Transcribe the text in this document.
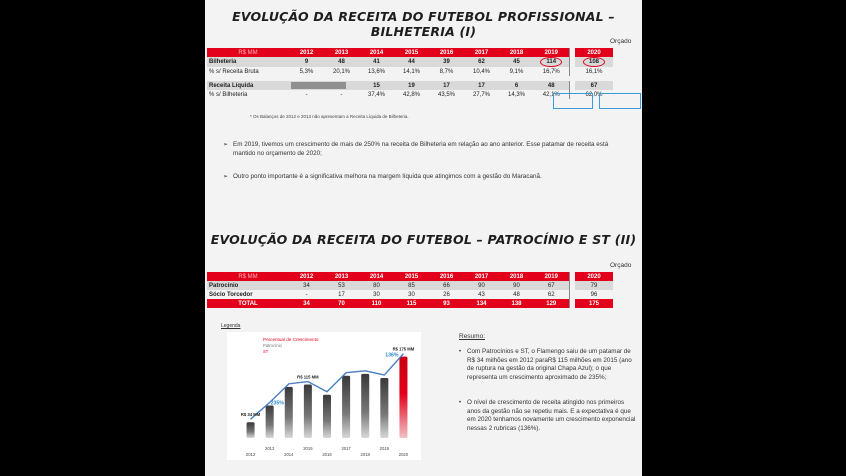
EVOLUÇÃO DA RECEITA DO FUTEBOL PROFISSIONAL – BILHETERIA (I)
Orçado
R$ MM	2012	2013	2014	2015	2016	2017	2018	2019		2020
Bilheteria	9	48	41	44	39	62	45	114		108
% s/ Receita Bruta	5,3%	20,1%	13,6%	14,1%	8,7%	10,4%	9,1%	16,7%		16,1%

Receita Líquida			15	19	17	17	6	48		67
% s/ Bilheteria	-	-	37,4%	42,8%	43,5%	27,7%	14,3%	42,1%		62,0%
* Os Balanços de 2012 e 2013 não apresentam a Receita Líquida de Bilheteria.
➢ Em 2019, tivemos um crescimento de mais de 250% na receita de Bilheteria em relação ao ano anterior. Esse patamar de receita está mantido no orçamento de 2020;
➢ Outro ponto importante é a significativa melhora na margem líquida que atingimos com a gestão do Maracanã.
EVOLUÇÃO DA RECEITA DO FUTEBOL – PATROCÍNIO E ST (II)
Orçado
R$ MM	2012	2013	2014	2015	2016	2017	2018	2019		2020
Patrocínio	34	53	80	85	66	90	90	67		79
Sócio Torcedor	-	17	30	30	26	43	48	62		96
TOTAL	34	70	110	115	93	134	138	129		175
Legenda
Percentual de Crescimento
Patrocínio
ST
2012
2013
2014
2015
2016
2017
2018
2019
2020
R$ 34 MM
R$ 115 MM
R$ 175 MM
235%
136%
Resumo:
• Com Patrocínios e ST, o Flamengo saiu de um patamar de R$ 34 milhões em 2012 paraR$ 115 milhões em 2015 (ano de ruptura na gestão da original Chapa Azul); o que representa um crescimento aproximado de 235%;
• O nível de crescimento de receita atingido nos primeiros anos da gestão não se repetiu mais. E a expectativa é que em 2020 tenhamos novamente um crescimento exponencial nessas 2 rubricas (136%).
